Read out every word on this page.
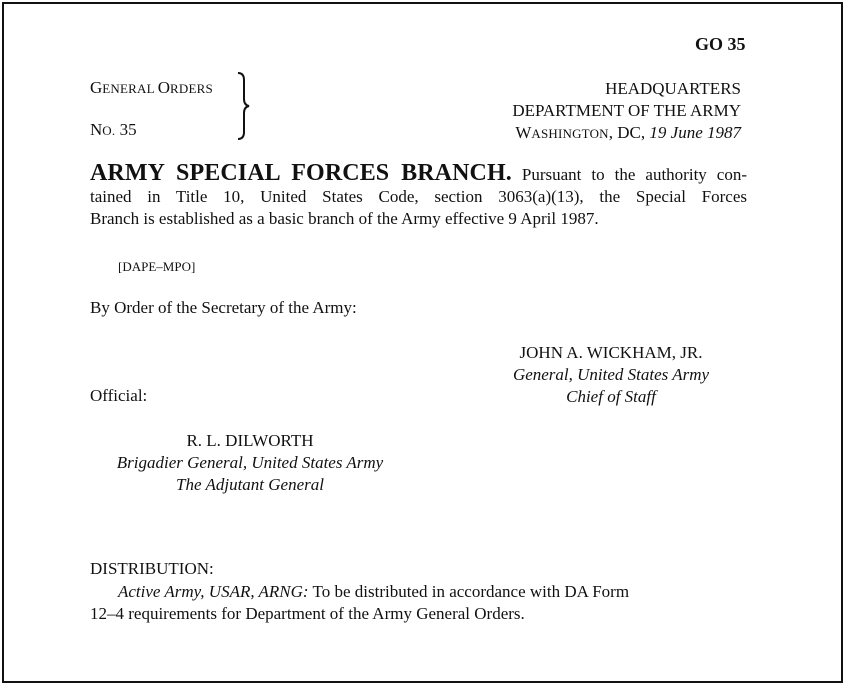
GO 35
GENERAL ORDERS
NO. 35
HEADQUARTERS
DEPARTMENT OF THE ARMY
WASHINGTON, DC, 19 June 1987
ARMY SPECIAL FORCES BRANCH. Pursuant to the authority con-
tained in Title 10, United States Code, section 3063(a)(13), the Special Forces
Branch is established as a basic branch of the Army effective 9 April 1987.
[DAPE–MPO]
By Order of the Secretary of the Army:
JOHN A. WICKHAM, JR.
General, United States Army
Chief of Staff
Official:
R. L. DILWORTH
Brigadier General, United States Army
The Adjutant General
DISTRIBUTION:
Active Army, USAR, ARNG: To be distributed in accordance with DA Form
12–4 requirements for Department of the Army General Orders.
